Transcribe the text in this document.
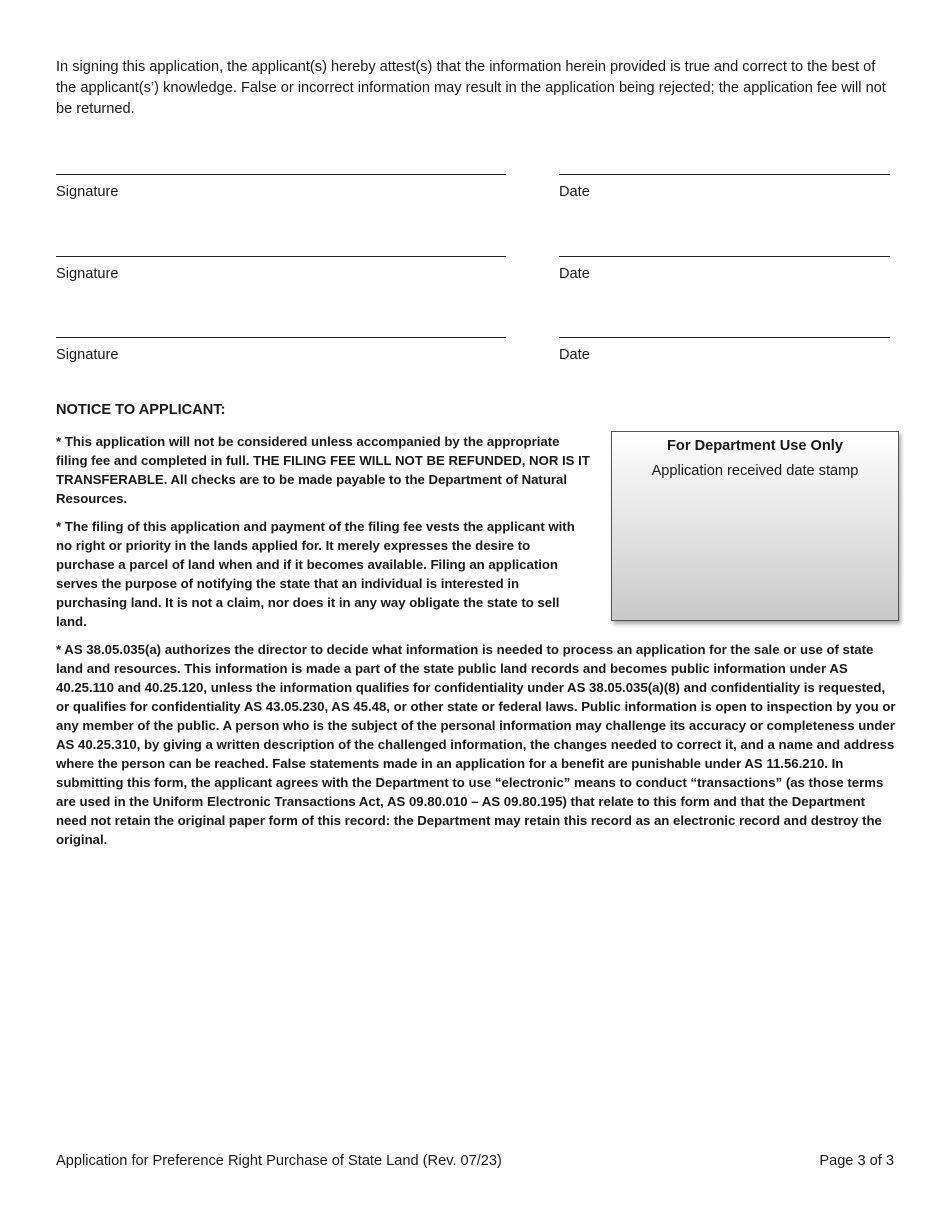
In signing this application, the applicant(s) hereby attest(s) that the information herein provided is true and correct to the best of the applicant(s’) knowledge. False or incorrect information may result in the application being rejected; the application fee will not be returned.

Signature	Date
Signature	Date
Signature	Date
NOTICE TO APPLICANT:

* This application will not be considered unless accompanied by the appropriate filing fee and completed in full. THE FILING FEE WILL NOT BE REFUNDED, NOR IS IT TRANSFERABLE. All checks are to be made payable to the Department of Natural Resources.

* The filing of this application and payment of the filing fee vests the applicant with no right or priority in the lands applied for. It merely expresses the desire to purchase a parcel of land when and if it becomes available. Filing an application serves the purpose of notifying the state that an individual is interested in purchasing land. It is not a claim, nor does it in any way obligate the state to sell land.

* AS 38.05.035(a) authorizes the director to decide what information is needed to process an application for the sale or use of state land and resources. This information is made a part of the state public land records and becomes public information under AS 40.25.110 and 40.25.120, unless the information qualifies for confidentiality under AS 38.05.035(a)(8) and confidentiality is requested, or qualifies for confidentiality AS 43.05.230, AS 45.48, or other state or federal laws. Public information is open to inspection by you or any member of the public. A person who is the subject of the personal information may challenge its accuracy or completeness under AS 40.25.310, by giving a written description of the challenged information, the changes needed to correct it, and a name and address where the person can be reached. False statements made in an application for a benefit are punishable under AS 11.56.210. In submitting this form, the applicant agrees with the Department to use “electronic” means to conduct “transactions” (as those terms are used in the Uniform Electronic Transactions Act, AS 09.80.010 – AS 09.80.195) that relate to this form and that the Department need not retain the original paper form of this record: the Department may retain this record as an electronic record and destroy the original.

For Department Use Only
Application received date stamp
Application for Preference Right Purchase of State Land (Rev. 07/23)	Page 3 of 3
